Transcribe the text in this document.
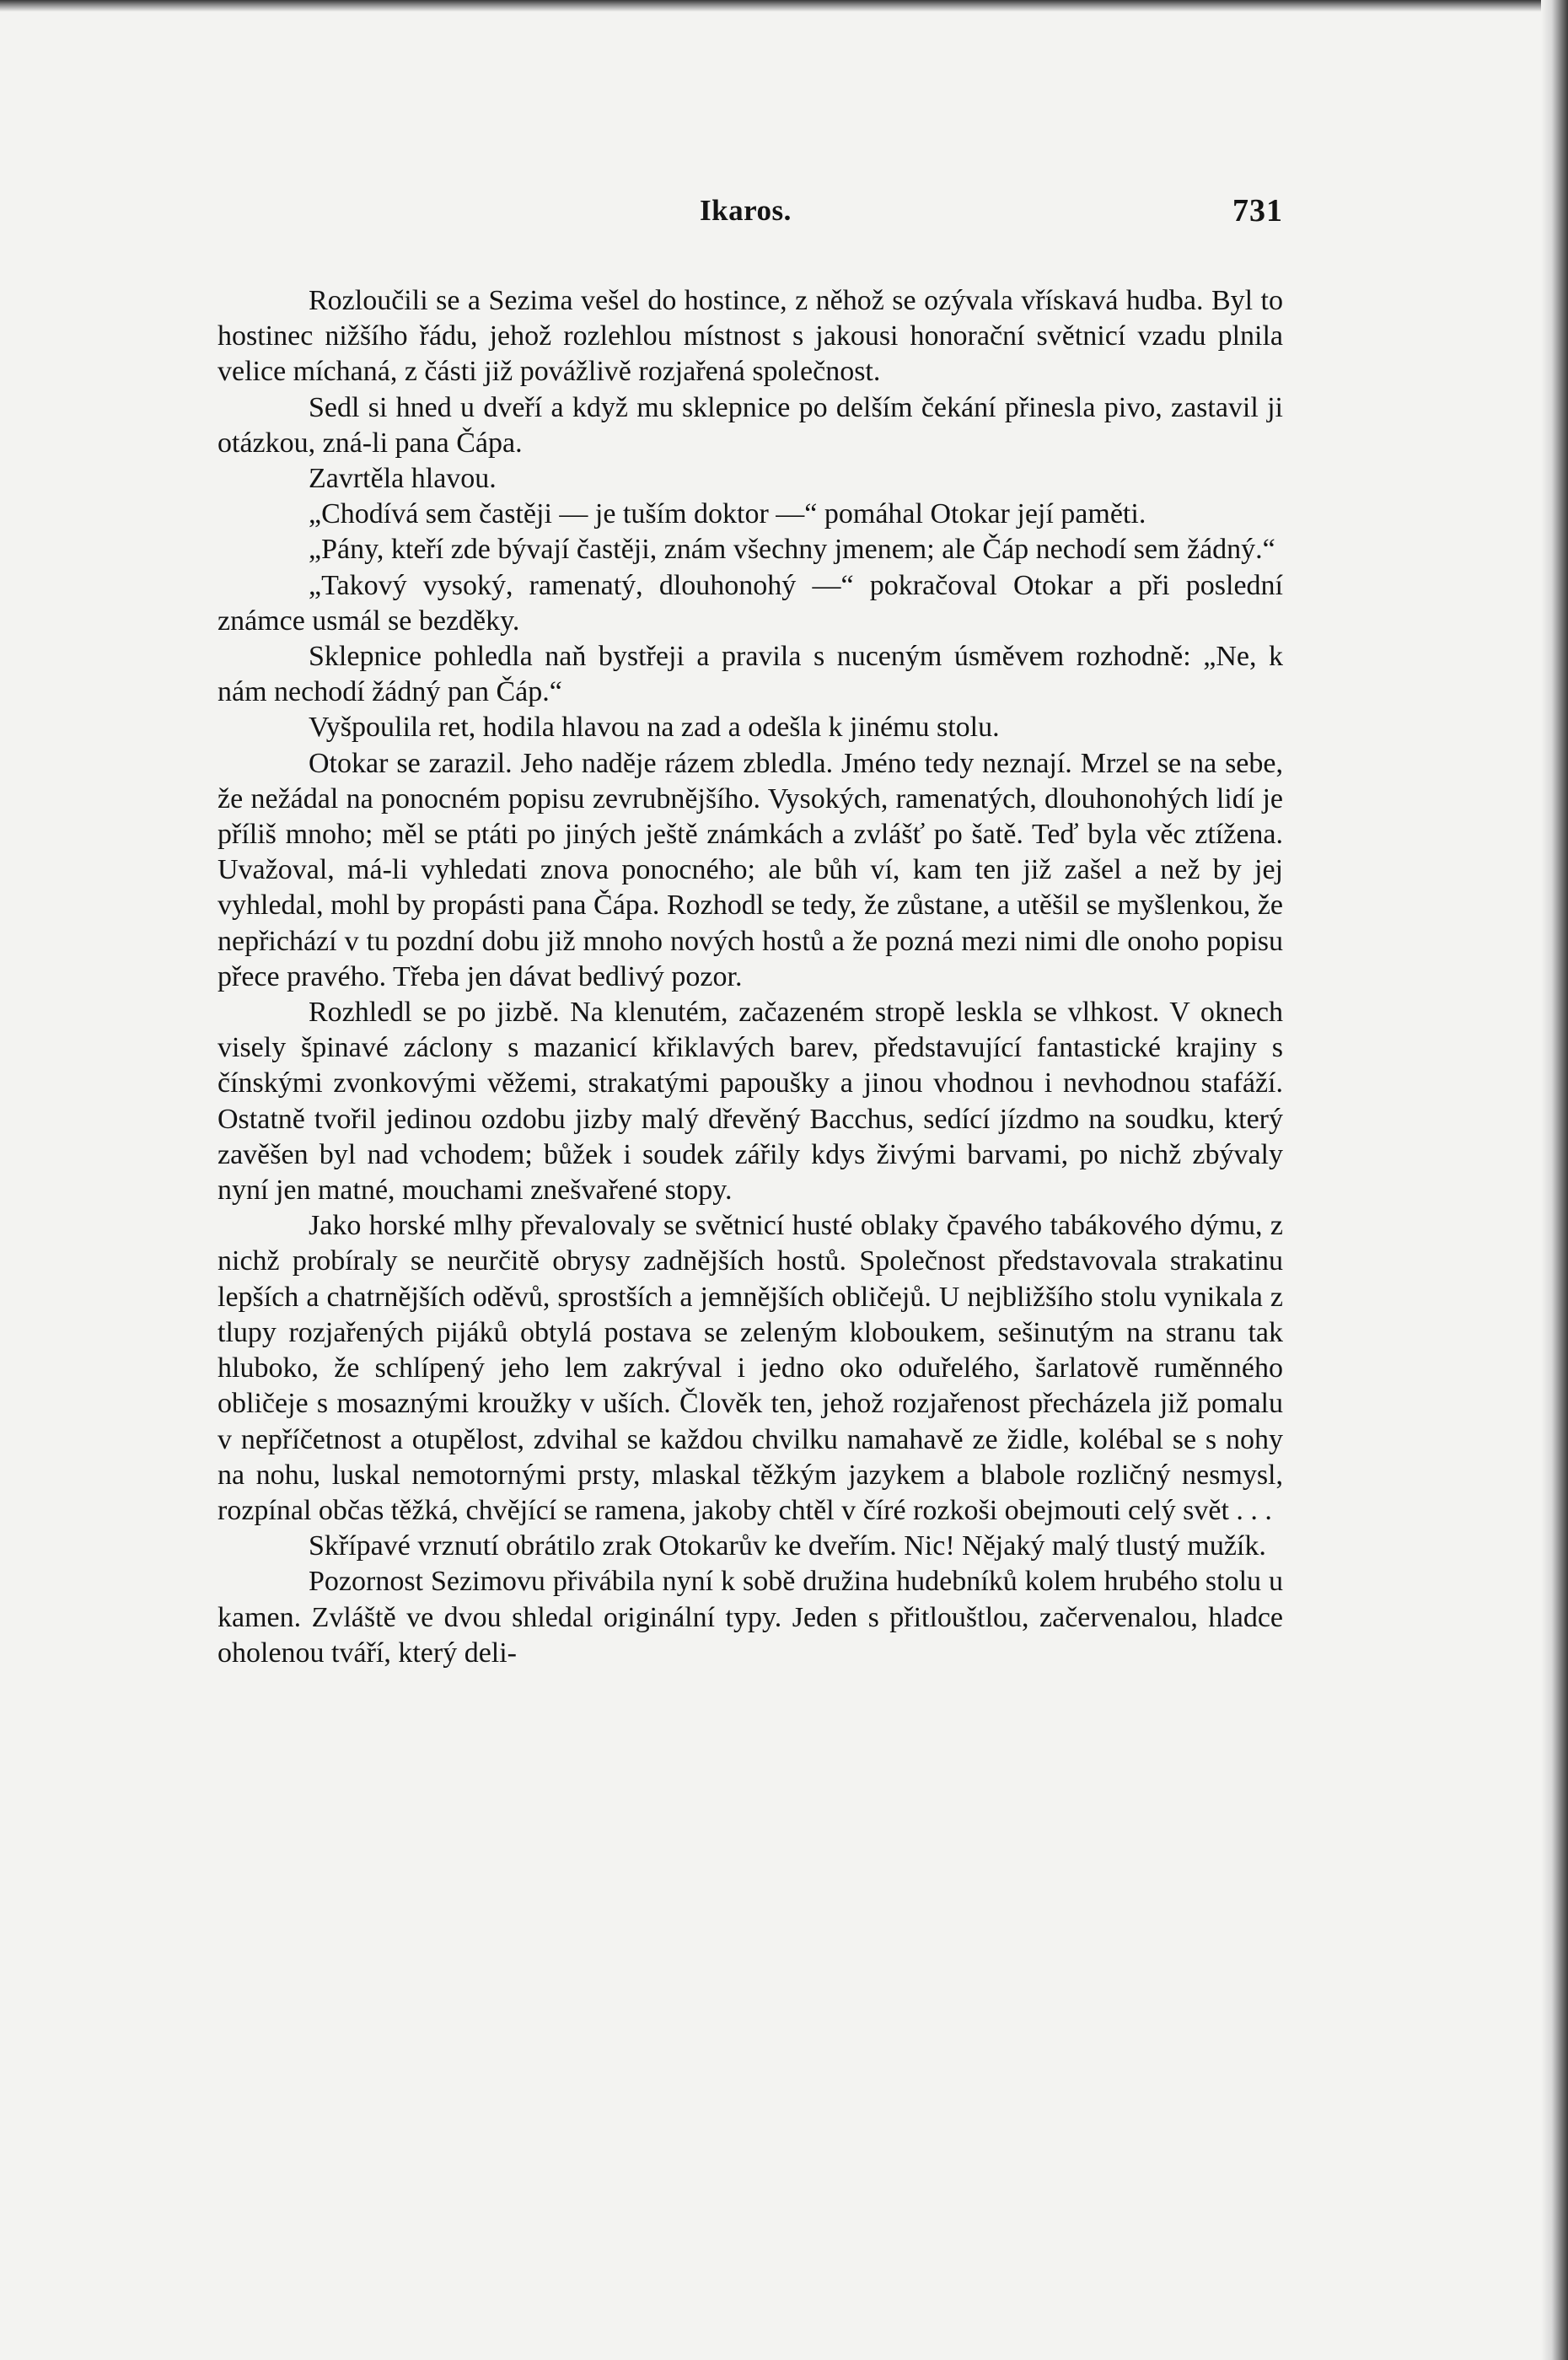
Ikaros.	731

Rozloučili se a Sezima vešel do hostince, z něhož se ozývala vřískavá hudba. Byl to hostinec nižšího řádu, jehož rozlehlou místnost s jakousi honorační světnicí vzadu plnila velice míchaná, z části již povážlivě rozjařená společnost.

Sedl si hned u dveří a když mu sklepnice po delším čekání přinesla pivo, zastavil ji otázkou, zná-li pana Čápa.

Zavrtěla hlavou.

„Chodívá sem častěji — je tuším doktor —“ pomáhal Otokar její paměti.

„Pány, kteří zde bývají častěji, znám všechny jmenem; ale Čáp nechodí sem žádný.“

„Takový vysoký, ramenatý, dlouhonohý —“ pokračoval Otokar a při poslední známce usmál se bezděky.

Sklepnice pohledla naň bystřeji a pravila s nuceným úsměvem rozhodně: „Ne, k nám nechodí žádný pan Čáp.“

Vyšpoulila ret, hodila hlavou na zad a odešla k jinému stolu.

Otokar se zarazil. Jeho naděje rázem zbledla. Jméno tedy neznají. Mrzel se na sebe, že nežádal na ponocném popisu zevrubnějšího. Vysokých, ramenatých, dlouhonohých lidí je příliš mnoho; měl se ptáti po jiných ještě známkách a zvlášť po šatě. Teď byla věc ztížena. Uvažoval, má-li vyhledati znova ponocného; ale bůh ví, kam ten již zašel a než by jej vyhledal, mohl by propásti pana Čápa. Rozhodl se tedy, že zůstane, a utěšil se myšlenkou, že nepřichází v tu pozdní dobu již mnoho nových hostů a že pozná mezi nimi dle onoho popisu přece pravého. Třeba jen dávat bedlivý pozor.

Rozhledl se po jizbě. Na klenutém, začazeném stropě leskla se vlhkost. V oknech visely špinavé záclony s mazanicí křiklavých barev, představující fantastické krajiny s čínskými zvonkovými věžemi, strakatými papoušky a jinou vhodnou i nevhodnou stafáží. Ostatně tvořil jedinou ozdobu jizby malý dřevěný Bacchus, sedící jízdmo na soudku, který zavěšen byl nad vchodem; bůžek i soudek zářily kdys živými barvami, po nichž zbývaly nyní jen matné, mouchami znešvařené stopy.

Jako horské mlhy převalovaly se světnicí husté oblaky čpavého tabákového dýmu, z nichž probíraly se neurčitě obrysy zadnějších hostů. Společnost představovala strakatinu lepších a chatrnějších oděvů, sprostších a jemnějších obličejů. U nejbližšího stolu vynikala z tlupy rozjařených pijáků obtylá postava se zeleným kloboukem, sešinutým na stranu tak hluboko, že schlípený jeho lem zakrýval i jedno oko oduřelého, šarlatově ruměnného obličeje s mosaznými kroužky v uších. Člověk ten, jehož rozjařenost přecházela již pomalu v nepříčetnost a otupělost, zdvihal se každou chvilku namahavě ze židle, kolébal se s nohy na nohu, luskal nemotornými prsty, mlaskal těžkým jazykem a blabole rozličný nesmysl, rozpínal občas těžká, chvějící se ramena, jakoby chtěl v číré rozkoši obejmouti celý svět . . .

Skřípavé vrznutí obrátilo zrak Otokarův ke dveřím. Nic! Nějaký malý tlustý mužík.

Pozornost Sezimovu přivábila nyní k sobě družina hudebníků kolem hrubého stolu u kamen. Zvláště ve dvou shledal originální typy. Jeden s přitlouštlou, začervenalou, hladce oholenou tváří, který deli-
